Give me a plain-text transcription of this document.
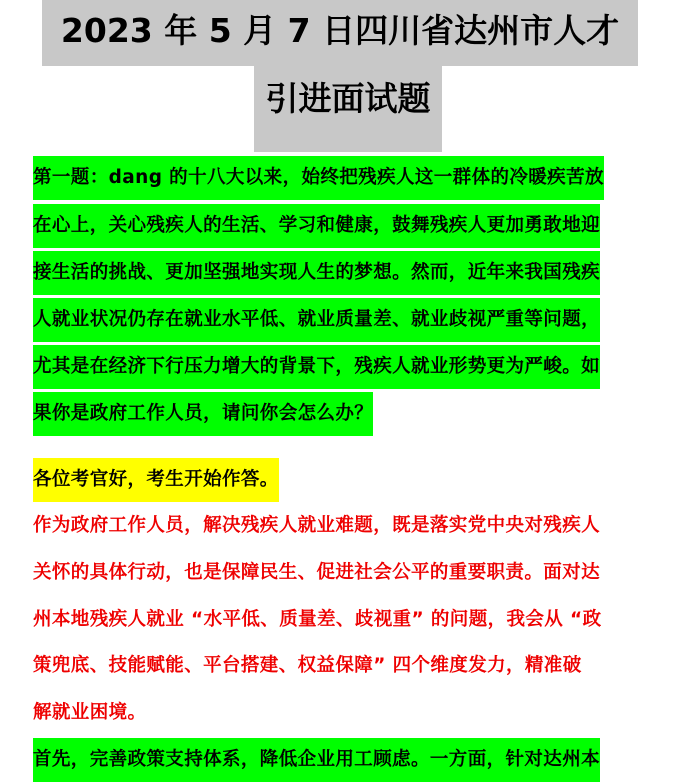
2023 年 5 月 7 日四川省达州市人才
引进面试题
第一题：dang 的十八大以来，始终把残疾人这一群体的冷暖疾苦放
在心上，关心残疾人的生活、学习和健康，鼓舞残疾人更加勇敢地迎
接生活的挑战、更加坚强地实现人生的梦想。然而，近年来我国残疾
人就业状况仍存在就业水平低、就业质量差、就业歧视严重等问题，
尤其是在经济下行压力增大的背景下，残疾人就业形势更为严峻。如
果你是政府工作人员，请问你会怎么办？
各位考官好，考生开始作答。
作为政府工作人员，解决残疾人就业难题，既是落实党中央对残疾人
关怀的具体行动，也是保障民生、促进社会公平的重要职责。面对达
州本地残疾人就业 “水平低、质量差、歧视重” 的问题，我会从 “政
策兜底、技能赋能、平台搭建、权益保障” 四个维度发力，精准破
解就业困境。
首先，完善政策支持体系，降低企业用工顾虑。一方面，针对达州本
